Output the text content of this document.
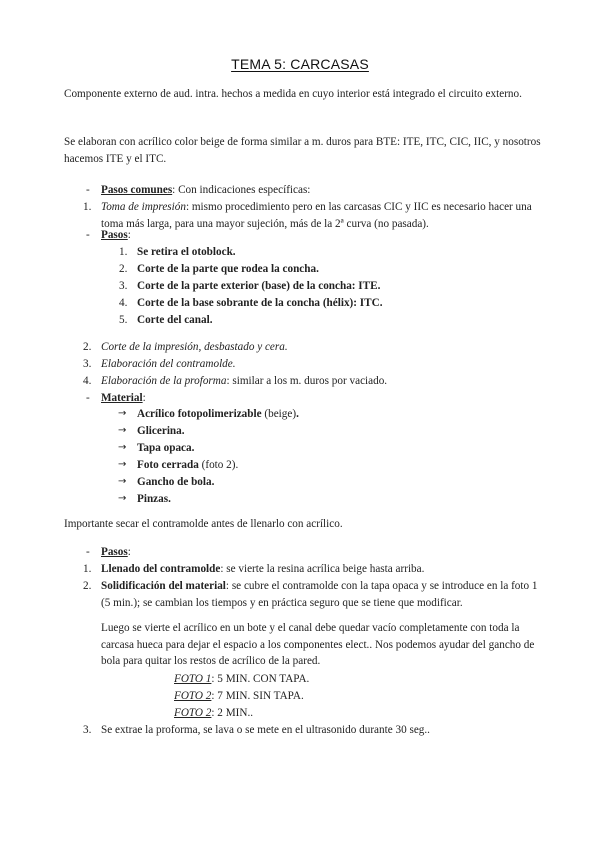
TEMA 5: CARCASAS
Componente externo de aud. intra. hechos a medida en cuyo interior está integrado el circuito externo.
Se elaboran con acrílico color beige de forma similar a m. duros para BTE: ITE, ITC, CIC, IIC, y nosotros hacemos ITE y el ITC.
- Pasos comunes: Con indicaciones específicas:
1. Toma de impresión: mismo procedimiento pero en las carcasas CIC y IIC es necesario hacer una toma más larga, para una mayor sujeción, más de la 2ª curva (no pasada).
- Pasos:
1. Se retira el otoblock.
2. Corte de la parte que rodea la concha.
3. Corte de la parte exterior (base) de la concha: ITE.
4. Corte de la base sobrante de la concha (hélix): ITC.
5. Corte del canal.
2. Corte de la impresión, desbastado y cera.
3. Elaboración del contramolde.
4. Elaboración de la proforma: similar a los m. duros por vaciado.
- Material:
→ Acrílico fotopolimerizable (beige).
→ Glicerina.
→ Tapa opaca.
→ Foto cerrada (foto 2).
→ Gancho de bola.
→ Pinzas.
Importante secar el contramolde antes de llenarlo con acrílico.
- Pasos:
1. Llenado del contramolde: se vierte la resina acrílica beige hasta arriba.
2. Solidificación del material: se cubre el contramolde con la tapa opaca y se introduce en la foto 1 (5 min.); se cambian los tiempos y en práctica seguro que se tiene que modificar.
Luego se vierte el acrílico en un bote y el canal debe quedar vacío completamente con toda la carcasa hueca para dejar el espacio a los componentes elect.. Nos podemos ayudar del gancho de bola para quitar los restos de acrílico de la pared.
FOTO 1: 5 MIN. CON TAPA.
FOTO 2: 7 MIN. SIN TAPA.
FOTO 2: 2 MIN..
3. Se extrae la proforma, se lava o se mete en el ultrasonido durante 30 seg..
